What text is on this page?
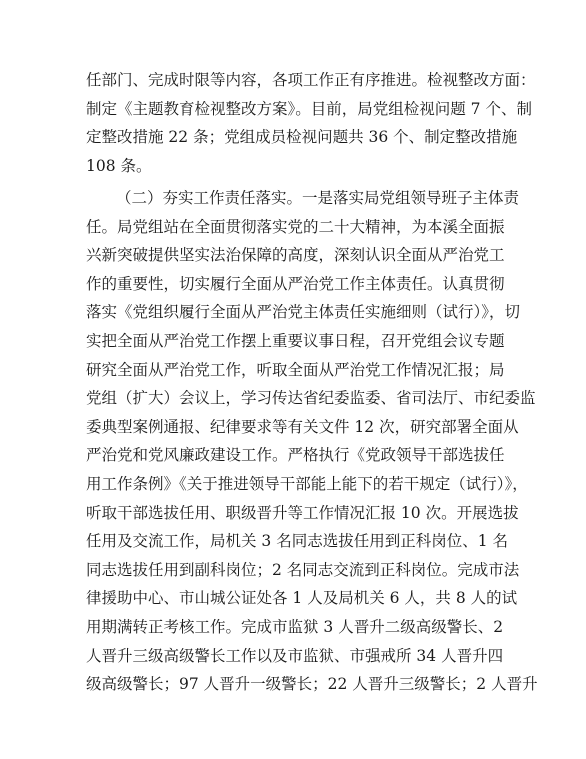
任部门、完成时限等内容，各项工作正有序推进。检视整改方面：
制定《主题教育检视整改方案》。目前，局党组检视问题 7 个、制
定整改措施 22 条；党组成员检视问题共 36 个、制定整改措施
108 条。
（二）夯实工作责任落实。一是落实局党组领导班子主体责
任。局党组站在全面贯彻落实党的二十大精神，为本溪全面振
兴新突破提供坚实法治保障的高度，深刻认识全面从严治党工
作的重要性，切实履行全面从严治党工作主体责任。认真贯彻
落实《党组织履行全面从严治党主体责任实施细则（试行）》，切
实把全面从严治党工作摆上重要议事日程，召开党组会议专题
研究全面从严治党工作，听取全面从严治党工作情况汇报；局
党组（扩大）会议上，学习传达省纪委监委、省司法厅、市纪委监
委典型案例通报、纪律要求等有关文件 12 次，研究部署全面从
严治党和党风廉政建设工作。严格执行《党政领导干部选拔任
用工作条例》《关于推进领导干部能上能下的若干规定（试行）》，
听取干部选拔任用、职级晋升等工作情况汇报 10 次。开展选拔
任用及交流工作，局机关 3 名同志选拔任用到正科岗位、1 名
同志选拔任用到副科岗位；2 名同志交流到正科岗位。完成市法
律援助中心、市山城公证处各 1 人及局机关 6 人，共 8 人的试
用期满转正考核工作。完成市监狱 3 人晋升二级高级警长、2
人晋升三级高级警长工作以及市监狱、市强戒所 34 人晋升四
级高级警长；97 人晋升一级警长；22 人晋升三级警长；2 人晋升
